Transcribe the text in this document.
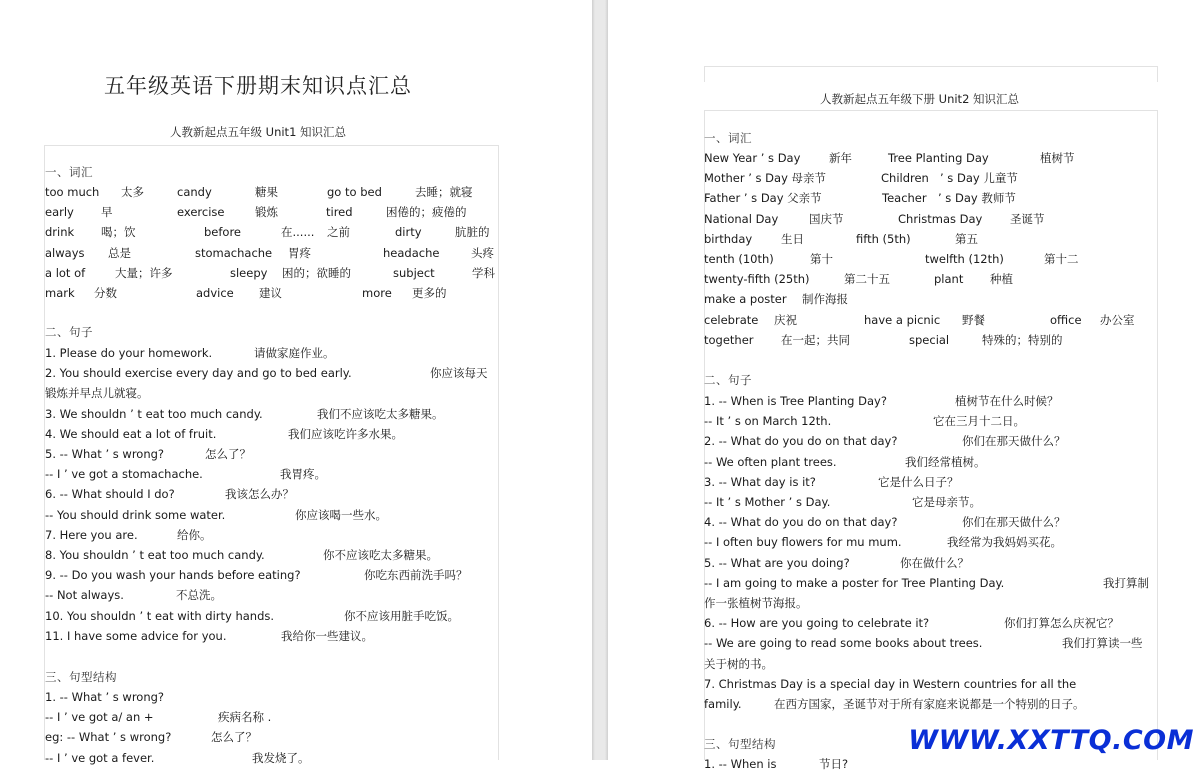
五年级英语下册期末知识点汇总
人教新起点五年级 Unit1 知识汇总
一、词汇
too much 太多	candy	糖果	go to bed	去睡；就寝
early 早	exercise	锻炼	tired	困倦的；疲倦的
drink 喝；饮	before	在...... 之前	dirty	肮脏的
always 总是	stomachache 胃疼	headache	头疼
a lot of	大量；许多	sleepy 困的；欲睡的	subject	学科
mark 分数	advice 建议	more 更多的
二、句子
1. Please do your homework.	请做家庭作业。
2. You should exercise every day and go to bed early.	你应该每天
锻炼并早点儿就寝。
3. We shouldn ’ t eat too much candy.	我们不应该吃太多糖果。
4. We should eat a lot of fruit.	我们应该吃许多水果。
5. -- What ’ s wrong?	怎么了？
-- I ’ ve got a stomachache.	我胃疼。
6. -- What should I do?	我该怎么办？
-- You should drink some water.	你应该喝一些水。
7. Here you are.	给你。
8. You shouldn ’ t eat too much candy.	你不应该吃太多糖果。
9. -- Do you wash your hands before eating?	你吃东西前洗手吗？
-- Not always.	不总洗。
10. You shouldn ’ t eat with dirty hands.	你不应该用脏手吃饭。
11. I have some advice for you.	我给你一些建议。
三、句型结构
1. -- What ’ s wrong?
-- I ’ ve got a/ an +	疾病名称 .
eg: -- What ’ s wrong?	怎么了？
-- I ’ ve got a fever.	我发烧了。
一、词汇
New Year ’ s Day 新年	Tree Planting Day	植树节
Mother ’ s Day 母亲节	Children ’ s Day 儿童节
Father ’ s Day 父亲节	Teacher ’ s Day 教师节
National Day	国庆节	Christmas Day 圣诞节
birthday	生日	fifth (5th)	第五
tenth (10th)	第十	twelfth (12th)	第十二
twenty-fifth (25th)	第二十五	plant 种植
make a poster 制作海报
celebrate 庆祝	have a picnic 野餐	office 办公室
together 在一起；共同	special	特殊的；特别的
二、句子
1. -- When is Tree Planting Day?	植树节在什么时候？
-- It ’ s on March 12th.	它在三月十二日。
2. -- What do you do on that day?	你们在那天做什么？
-- We often plant trees.	我们经常植树。
3. -- What day is it?	它是什么日子？
-- It ’ s Mother ’ s Day.	它是母亲节。
4. -- What do you do on that day?	你们在那天做什么？
-- I often buy flowers for mu mum.	我经常为我妈妈买花。
5. -- What are you doing?	你在做什么？
-- I am going to make a poster for Tree Planting Day.	我打算制
作一张植树节海报。
6. -- How are you going to celebrate it?	你们打算怎么庆祝它？
-- We are going to read some books about trees.	我们打算读一些
关于树的书。
7. Christmas Day is a special day in Western countries for all the
family.	在西方国家，圣诞节对于所有家庭来说都是一个特别的日子。
三、句型结构
1. -- When is	节日?
人教新起点五年级下册 Unit2 知识汇总
WWW.XXTTQ.COM
